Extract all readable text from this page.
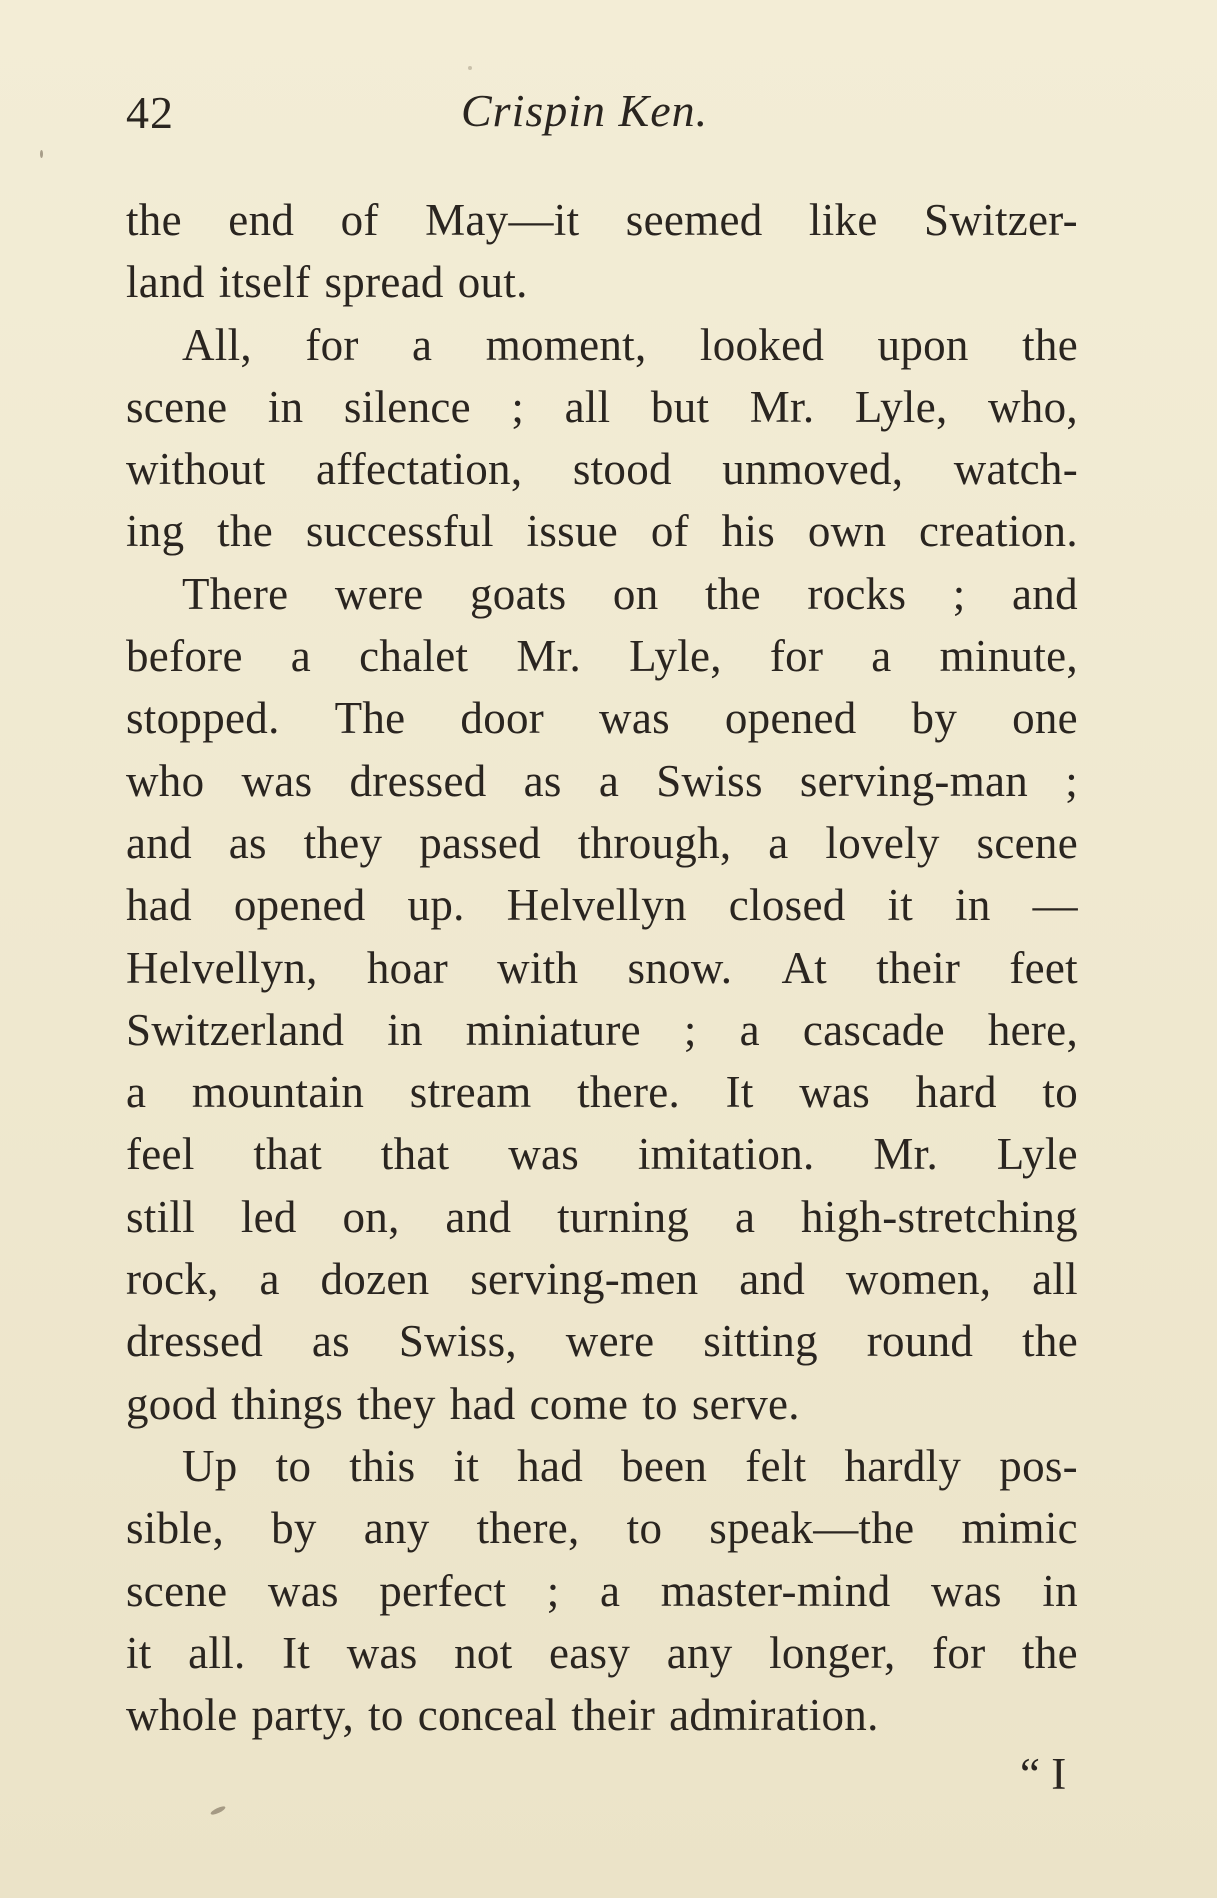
42	Crispin Ken.
the end of May—it seemed like Switzer-
land itself spread out.
All, for a moment, looked upon the
scene in silence ; all but Mr. Lyle, who,
without affectation, stood unmoved, watch-
ing the successful issue of his own creation.
There were goats on the rocks ; and
before a chalet Mr. Lyle, for a minute,
stopped. The door was opened by one
who was dressed as a Swiss serving-man ;
and as they passed through, a lovely scene
had opened up. Helvellyn closed it in —
Helvellyn, hoar with snow. At their feet
Switzerland in miniature ; a cascade here,
a mountain stream there. It was hard to
feel that that was imitation. Mr. Lyle
still led on, and turning a high-stretching
rock, a dozen serving-men and women, all
dressed as Swiss, were sitting round the
good things they had come to serve.
Up to this it had been felt hardly pos-
sible, by any there, to speak—the mimic
scene was perfect ; a master-mind was in
it all. It was not easy any longer, for the
whole party, to conceal their admiration.
“ I
